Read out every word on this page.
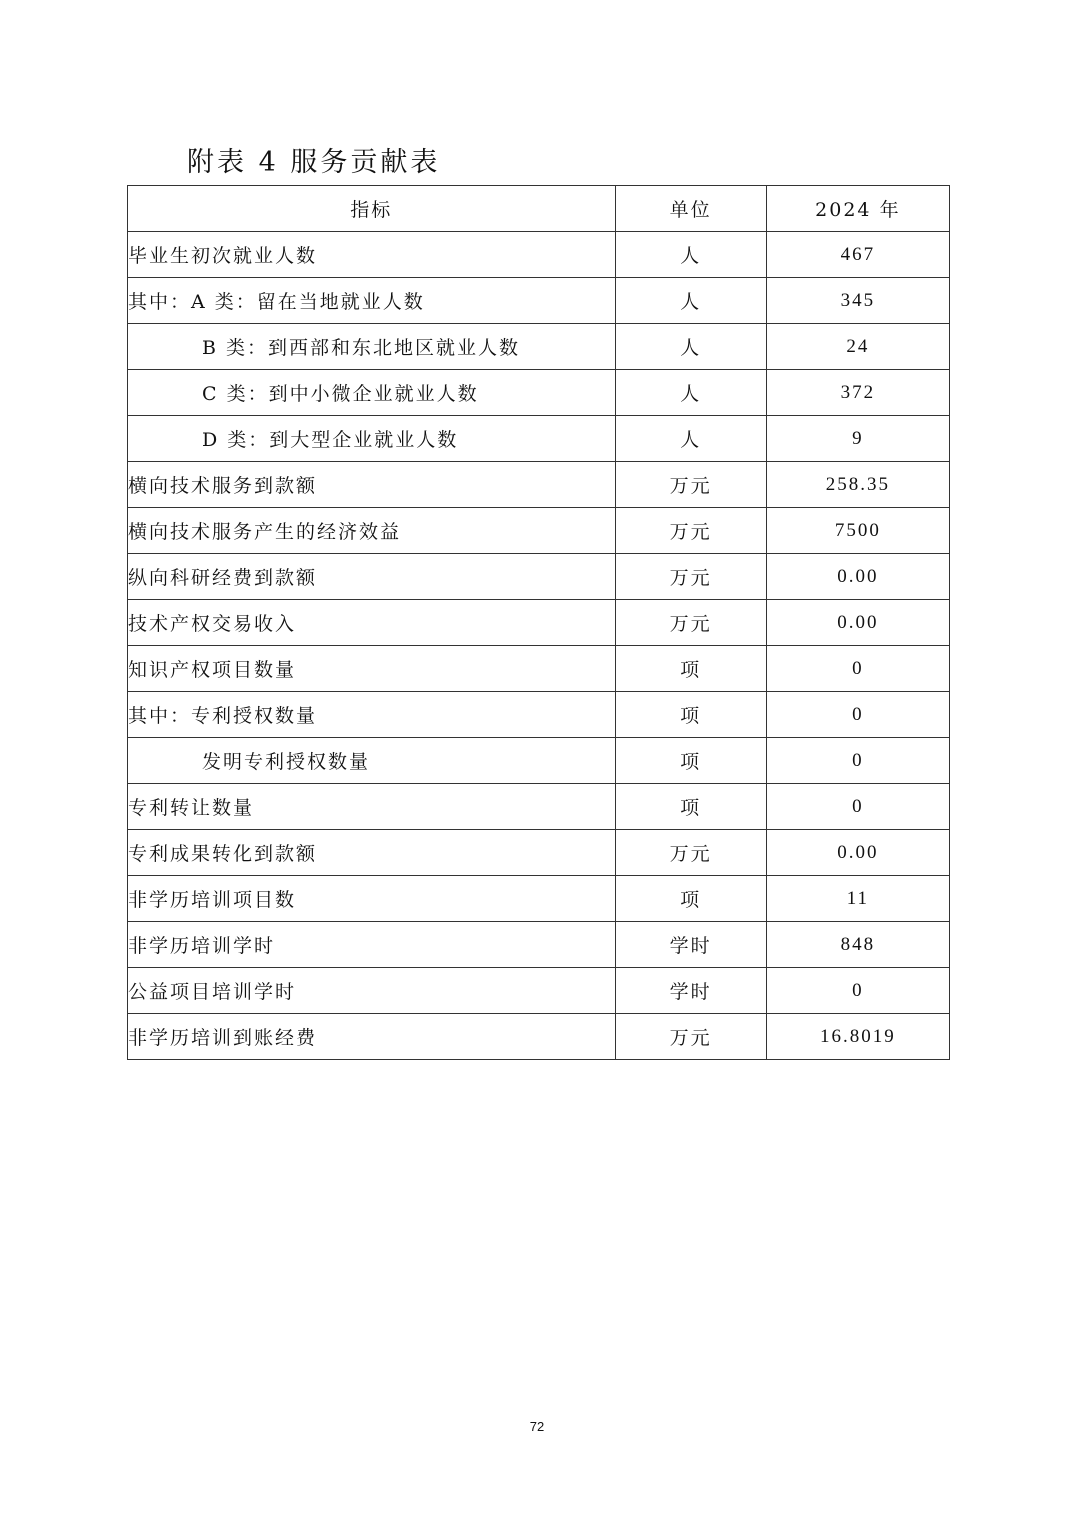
附表 4 服务贡献表
指标	单位	2024 年
毕业生初次就业人数	人	467
其中：A 类：留在当地就业人数	人	345
B 类：到西部和东北地区就业人数	人	24
C 类：到中小微企业就业人数	人	372
D 类：到大型企业就业人数	人	9
横向技术服务到款额	万元	258.35
横向技术服务产生的经济效益	万元	7500
纵向科研经费到款额	万元	0.00
技术产权交易收入	万元	0.00
知识产权项目数量	项	0
其中：专利授权数量	项	0
发明专利授权数量	项	0
专利转让数量	项	0
专利成果转化到款额	万元	0.00
非学历培训项目数	项	11
非学历培训学时	学时	848
公益项目培训学时	学时	0
非学历培训到账经费	万元	16.8019
72
